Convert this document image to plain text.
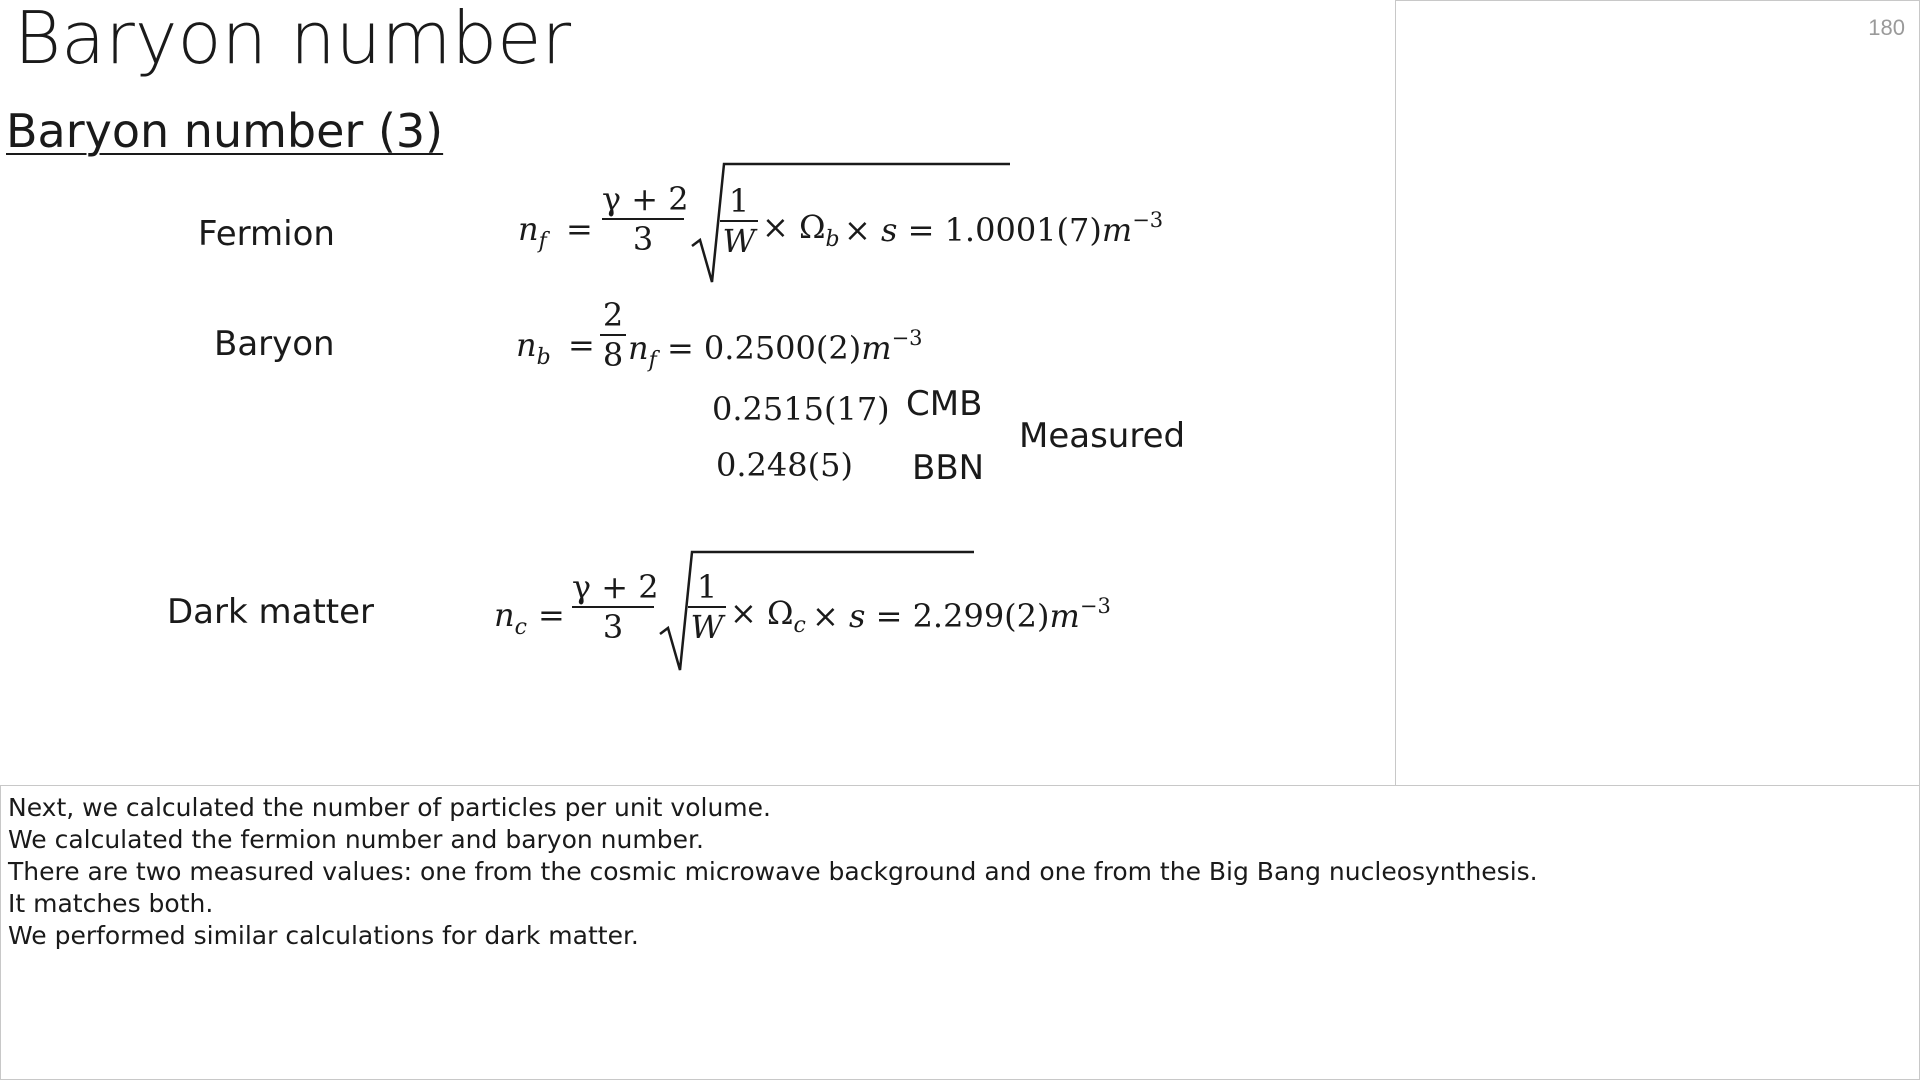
Baryon number
Baryon number (3)
Fermion	$n_f$ =
γ + 2
3
1
$W \times \Omega_b \times s = 1.0001(7)m^{-3}$
Baryon	$n_b$ =
2
8 $n_f = 0.2500(2)m^{-3}$
0.2515(17) CMB
0.248(5) BBN
Measured
Dark matter	$n_c$ =
γ + 2
3
1
$W \times \Omega_c \times s = 2.299(2)m^{-3}$
180
Next, we calculated the number of particles per unit volume.
We calculated the fermion number and baryon number.
There are two measured values: one from the cosmic microwave background and one from the Big Bang nucleosynthesis.
It matches both.
We performed similar calculations for dark matter.
